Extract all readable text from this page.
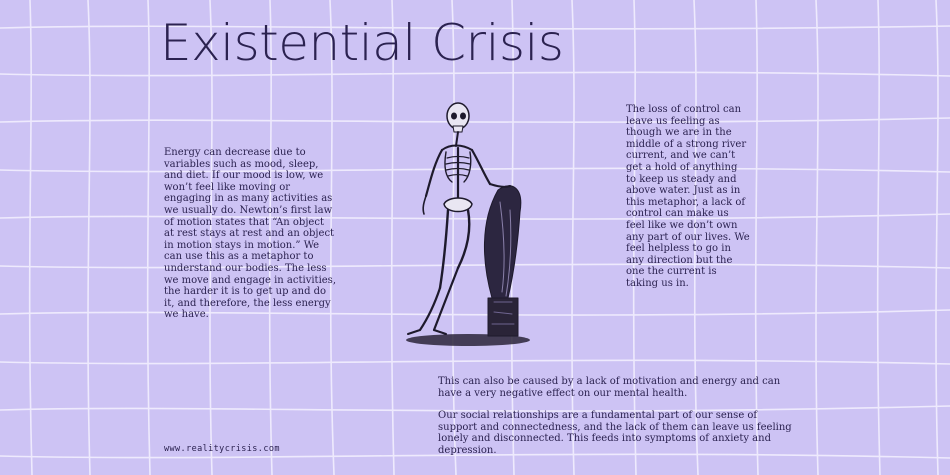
Existential Crisis
Energy can decrease due to variables such as mood, sleep, and diet. If our mood is low, we won’t feel like moving or engaging in as many activities as we usually do. Newton’s first law of motion states that “An object at rest stays at rest and an object in motion stays in motion.” We can use this as a metaphor to understand our bodies. The less we move and engage in activities, the harder it is to get up and do it, and therefore, the less energy we have.
The loss of control can leave us feeling as though we are in the middle of a strong river current, and we can’t get a hold of anything to keep us steady and above water. Just as in this metaphor, a lack of control can make us feel like we don’t own any part of our lives. We feel helpless to go in any direction but the one the current is taking us in.
This can also be caused by a lack of motivation and energy and can have a very negative effect on our mental health.
Our social relationships are a fundamental part of our sense of support and connectedness, and the lack of them can leave us feeling lonely and disconnected. This feeds into symptoms of anxiety and depression.
www.realitycrisis.com
